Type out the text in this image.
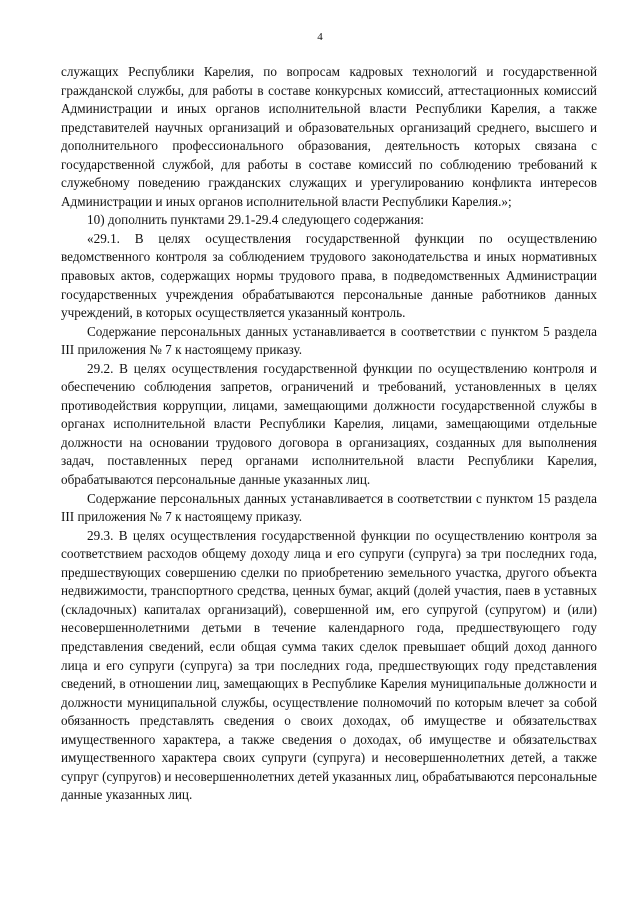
4

служащих Республики Карелия, по вопросам кадровых технологий и государственной гражданской службы, для работы в составе конкурсных комиссий, аттестационных комиссий Администрации и иных органов исполнительной власти Республики Карелия, а также представителей научных организаций и образовательных организаций среднего, высшего и дополнительного профессионального образования, деятельность которых связана с государственной службой, для работы в составе комиссий по соблюдению требований к служебному поведению гражданских служащих и урегулированию конфликта интересов Администрации и иных органов исполнительной власти Республики Карелия.»;

10) дополнить пунктами 29.1-29.4 следующего содержания:

«29.1. В целях осуществления государственной функции по осуществлению ведомственного контроля за соблюдением трудового законодательства и иных нормативных правовых актов, содержащих нормы трудового права, в подведомственных Администрации государственных учреждения обрабатываются персональные данные работников данных учреждений, в которых осуществляется указанный контроль.

Содержание персональных данных устанавливается в соответствии с пунктом 5 раздела III приложения № 7 к настоящему приказу.

29.2. В целях осуществления государственной функции по осуществлению контроля и обеспечению соблюдения запретов, ограничений и требований, установленных в целях противодействия коррупции, лицами, замещающими должности государственной службы в органах исполнительной власти Республики Карелия, лицами, замещающими отдельные должности на основании трудового договора в организациях, созданных для выполнения задач, поставленных перед органами исполнительной власти Республики Карелия, обрабатываются персональные данные указанных лиц.

Содержание персональных данных устанавливается в соответствии с пунктом 15 раздела III приложения № 7 к настоящему приказу.

29.3. В целях осуществления государственной функции по осуществлению контроля за соответствием расходов общему доходу лица и его супруги (супруга) за три последних года, предшествующих совершению сделки по приобретению земельного участка, другого объекта недвижимости, транспортного средства, ценных бумаг, акций (долей участия, паев в уставных (складочных) капиталах организаций), совершенной им, его супругой (супругом) и (или) несовершеннолетними детьми в течение календарного года, предшествующего году представления сведений, если общая сумма таких сделок превышает общий доход данного лица и его супруги (супруга) за три последних года, предшествующих году представления сведений, в отношении лиц, замещающих в Республике Карелия муниципальные должности и должности муниципальной службы, осуществление полномочий по которым влечет за собой обязанность представлять сведения о своих доходах, об имуществе и обязательствах имущественного характера, а также сведения о доходах, об имуществе и обязательствах имущественного характера своих супруги (супруга) и несовершеннолетних детей, а также супруг (супругов) и несовершеннолетних детей указанных лиц, обрабатываются персональные данные указанных лиц.
